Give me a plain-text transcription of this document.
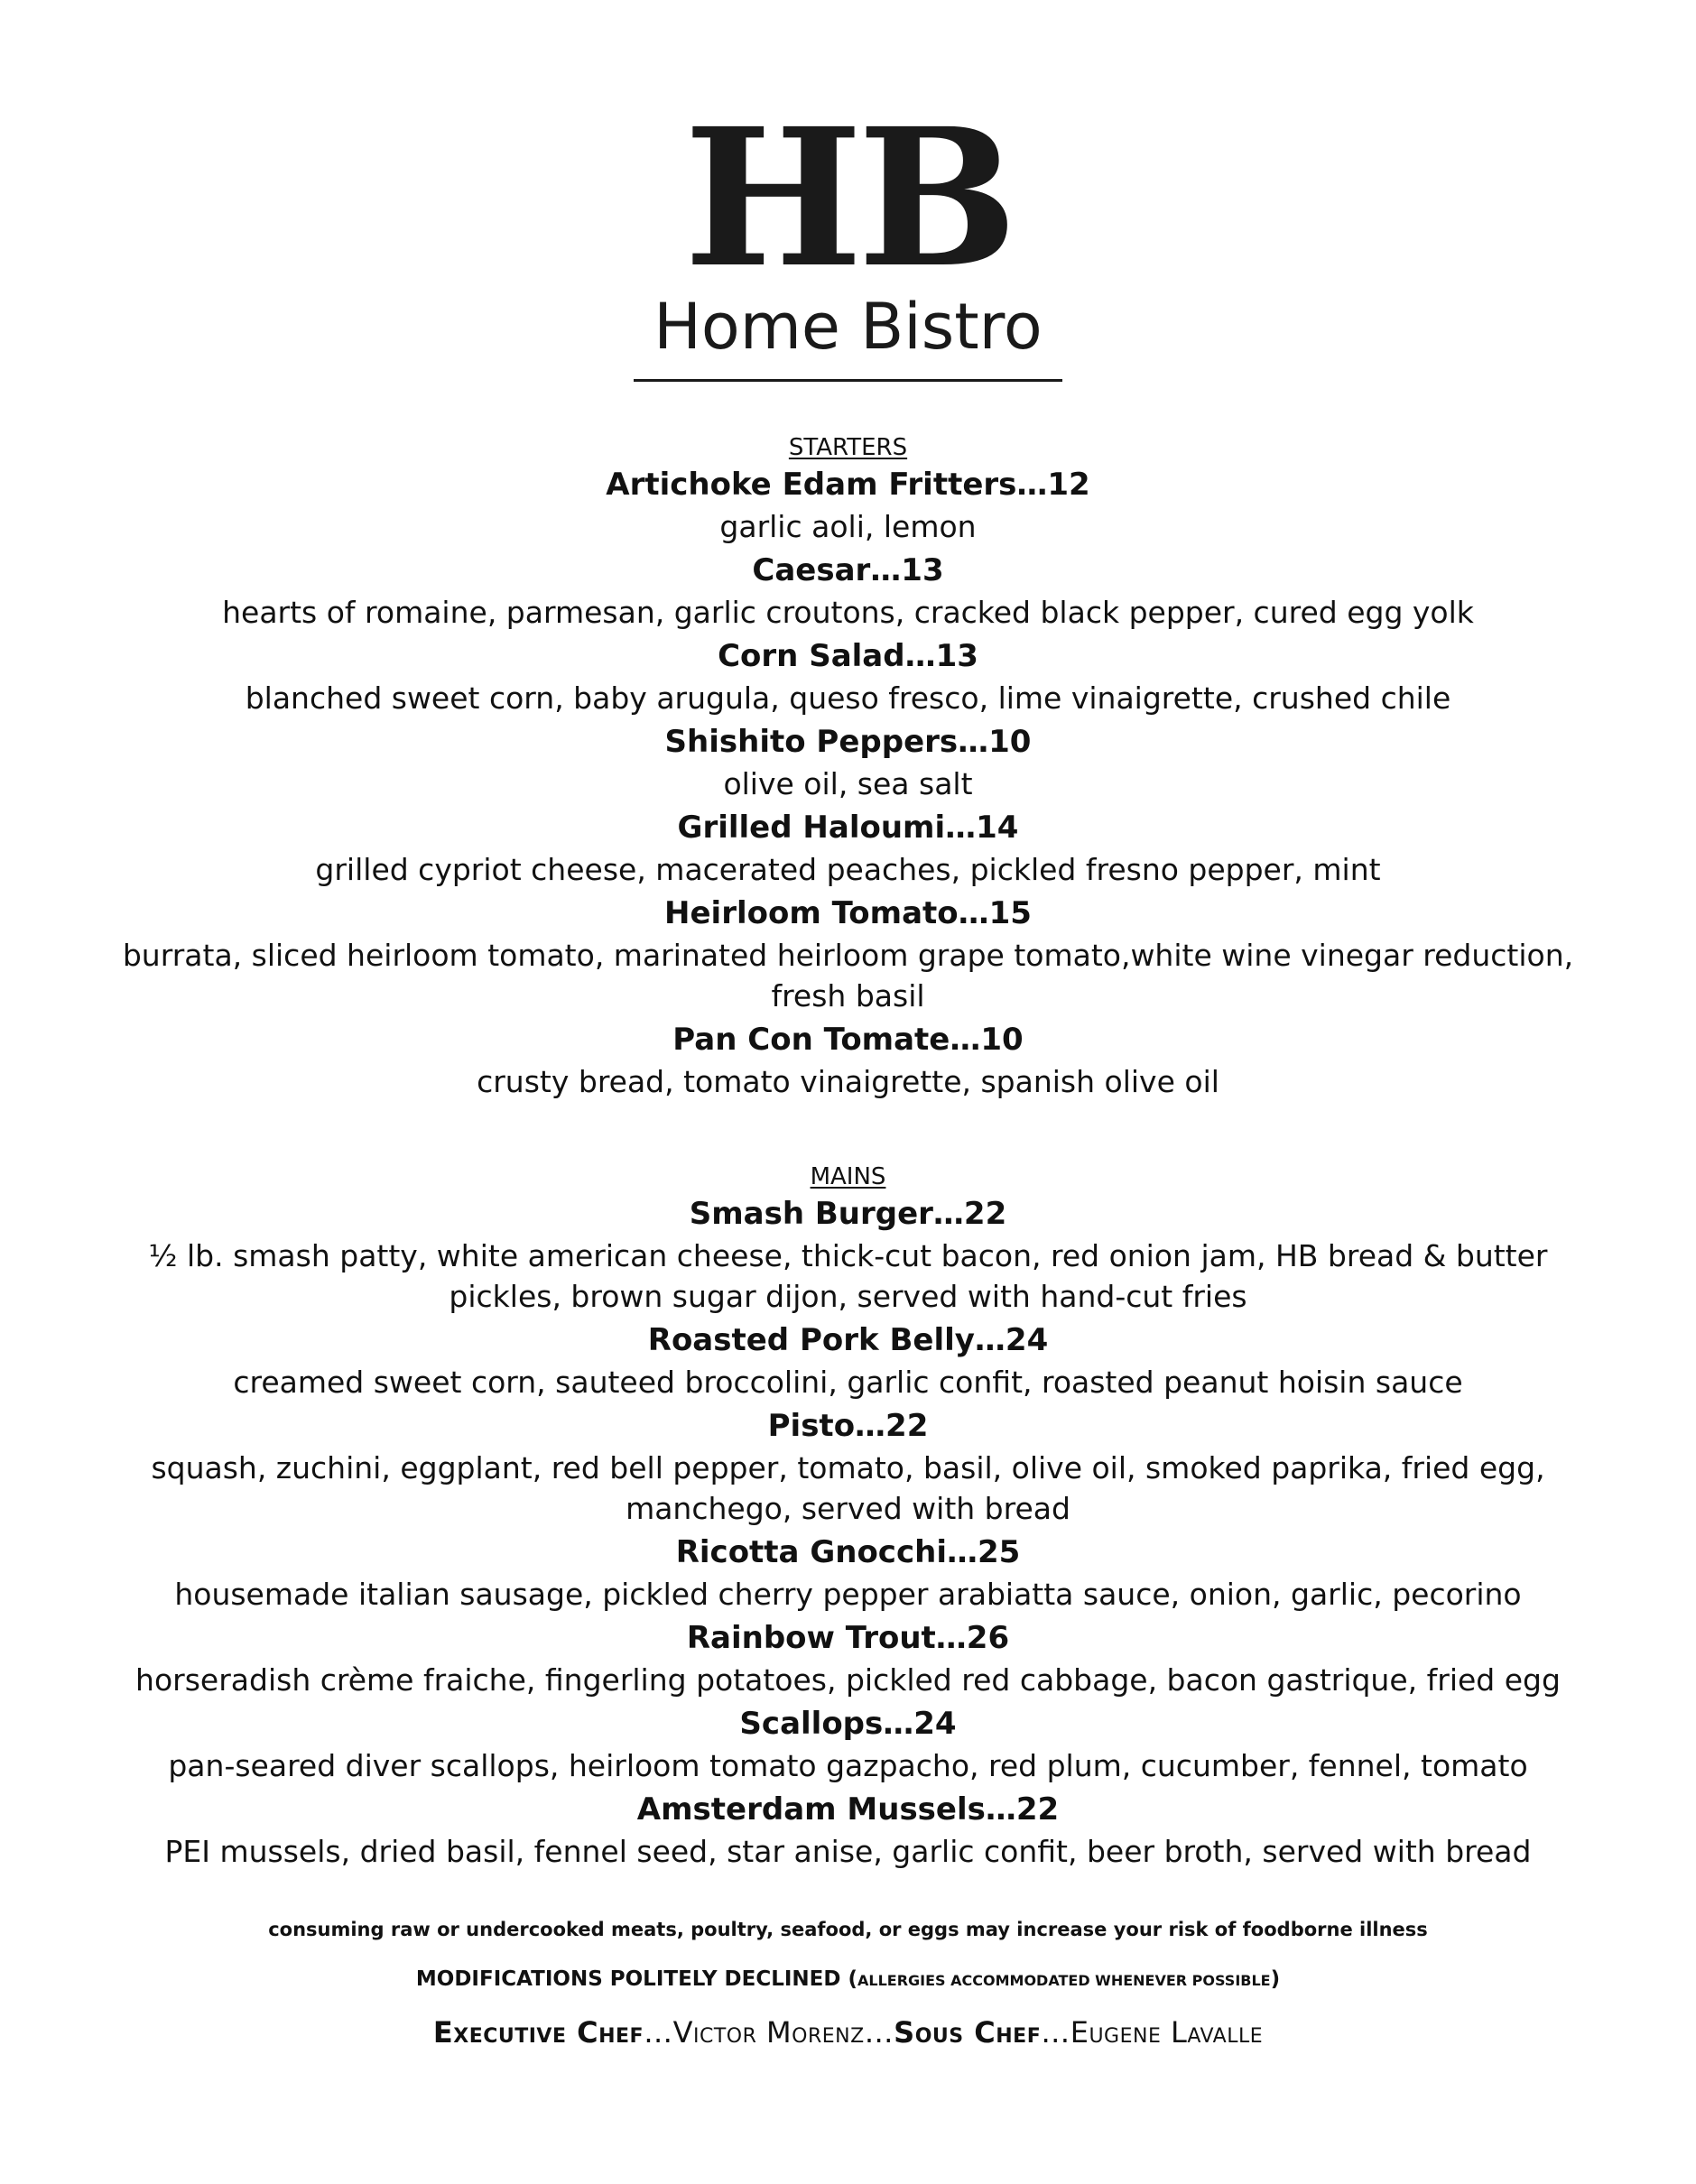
HB
Home Bistro

STARTERS

Artichoke Edam Fritters…12

garlic aoli, lemon

Caesar…13

hearts of romaine, parmesan, garlic croutons, cracked black pepper, cured egg yolk

Corn Salad…13

blanched sweet corn, baby arugula, queso fresco, lime vinaigrette, crushed chile

Shishito Peppers…10

olive oil, sea salt

Grilled Haloumi…14

grilled cypriot cheese, macerated peaches, pickled fresno pepper, mint

Heirloom Tomato…15

burrata, sliced heirloom tomato, marinated heirloom grape tomato,white wine vinegar reduction, fresh basil

Pan Con Tomate…10

crusty bread, tomato vinaigrette, spanish olive oil

MAINS

Smash Burger…22

½ lb. smash patty, white american cheese, thick-cut bacon, red onion jam, HB bread & butter pickles, brown sugar dijon, served with hand-cut fries

Roasted Pork Belly…24

creamed sweet corn, sauteed broccolini, garlic confit, roasted peanut hoisin sauce

Pisto…22

squash, zuchini, eggplant, red bell pepper, tomato, basil, olive oil, smoked paprika, fried egg, manchego, served with bread

Ricotta Gnocchi…25

housemade italian sausage, pickled cherry pepper arabiatta sauce, onion, garlic, pecorino

Rainbow Trout…26

horseradish crème fraiche, fingerling potatoes, pickled red cabbage, bacon gastrique, fried egg

Scallops…24

pan-seared diver scallops, heirloom tomato gazpacho, red plum, cucumber, fennel, tomato

Amsterdam Mussels…22

PEI mussels, dried basil, fennel seed, star anise, garlic confit, beer broth, served with bread

consuming raw or undercooked meats, poultry, seafood, or eggs may increase your risk of foodborne illness
MODIFICATIONS POLITELY DECLINED (ALLERGIES ACCOMMODATED WHENEVER POSSIBLE)
Executive Chef…Victor Morenz…Sous Chef…Eugene Lavalle
